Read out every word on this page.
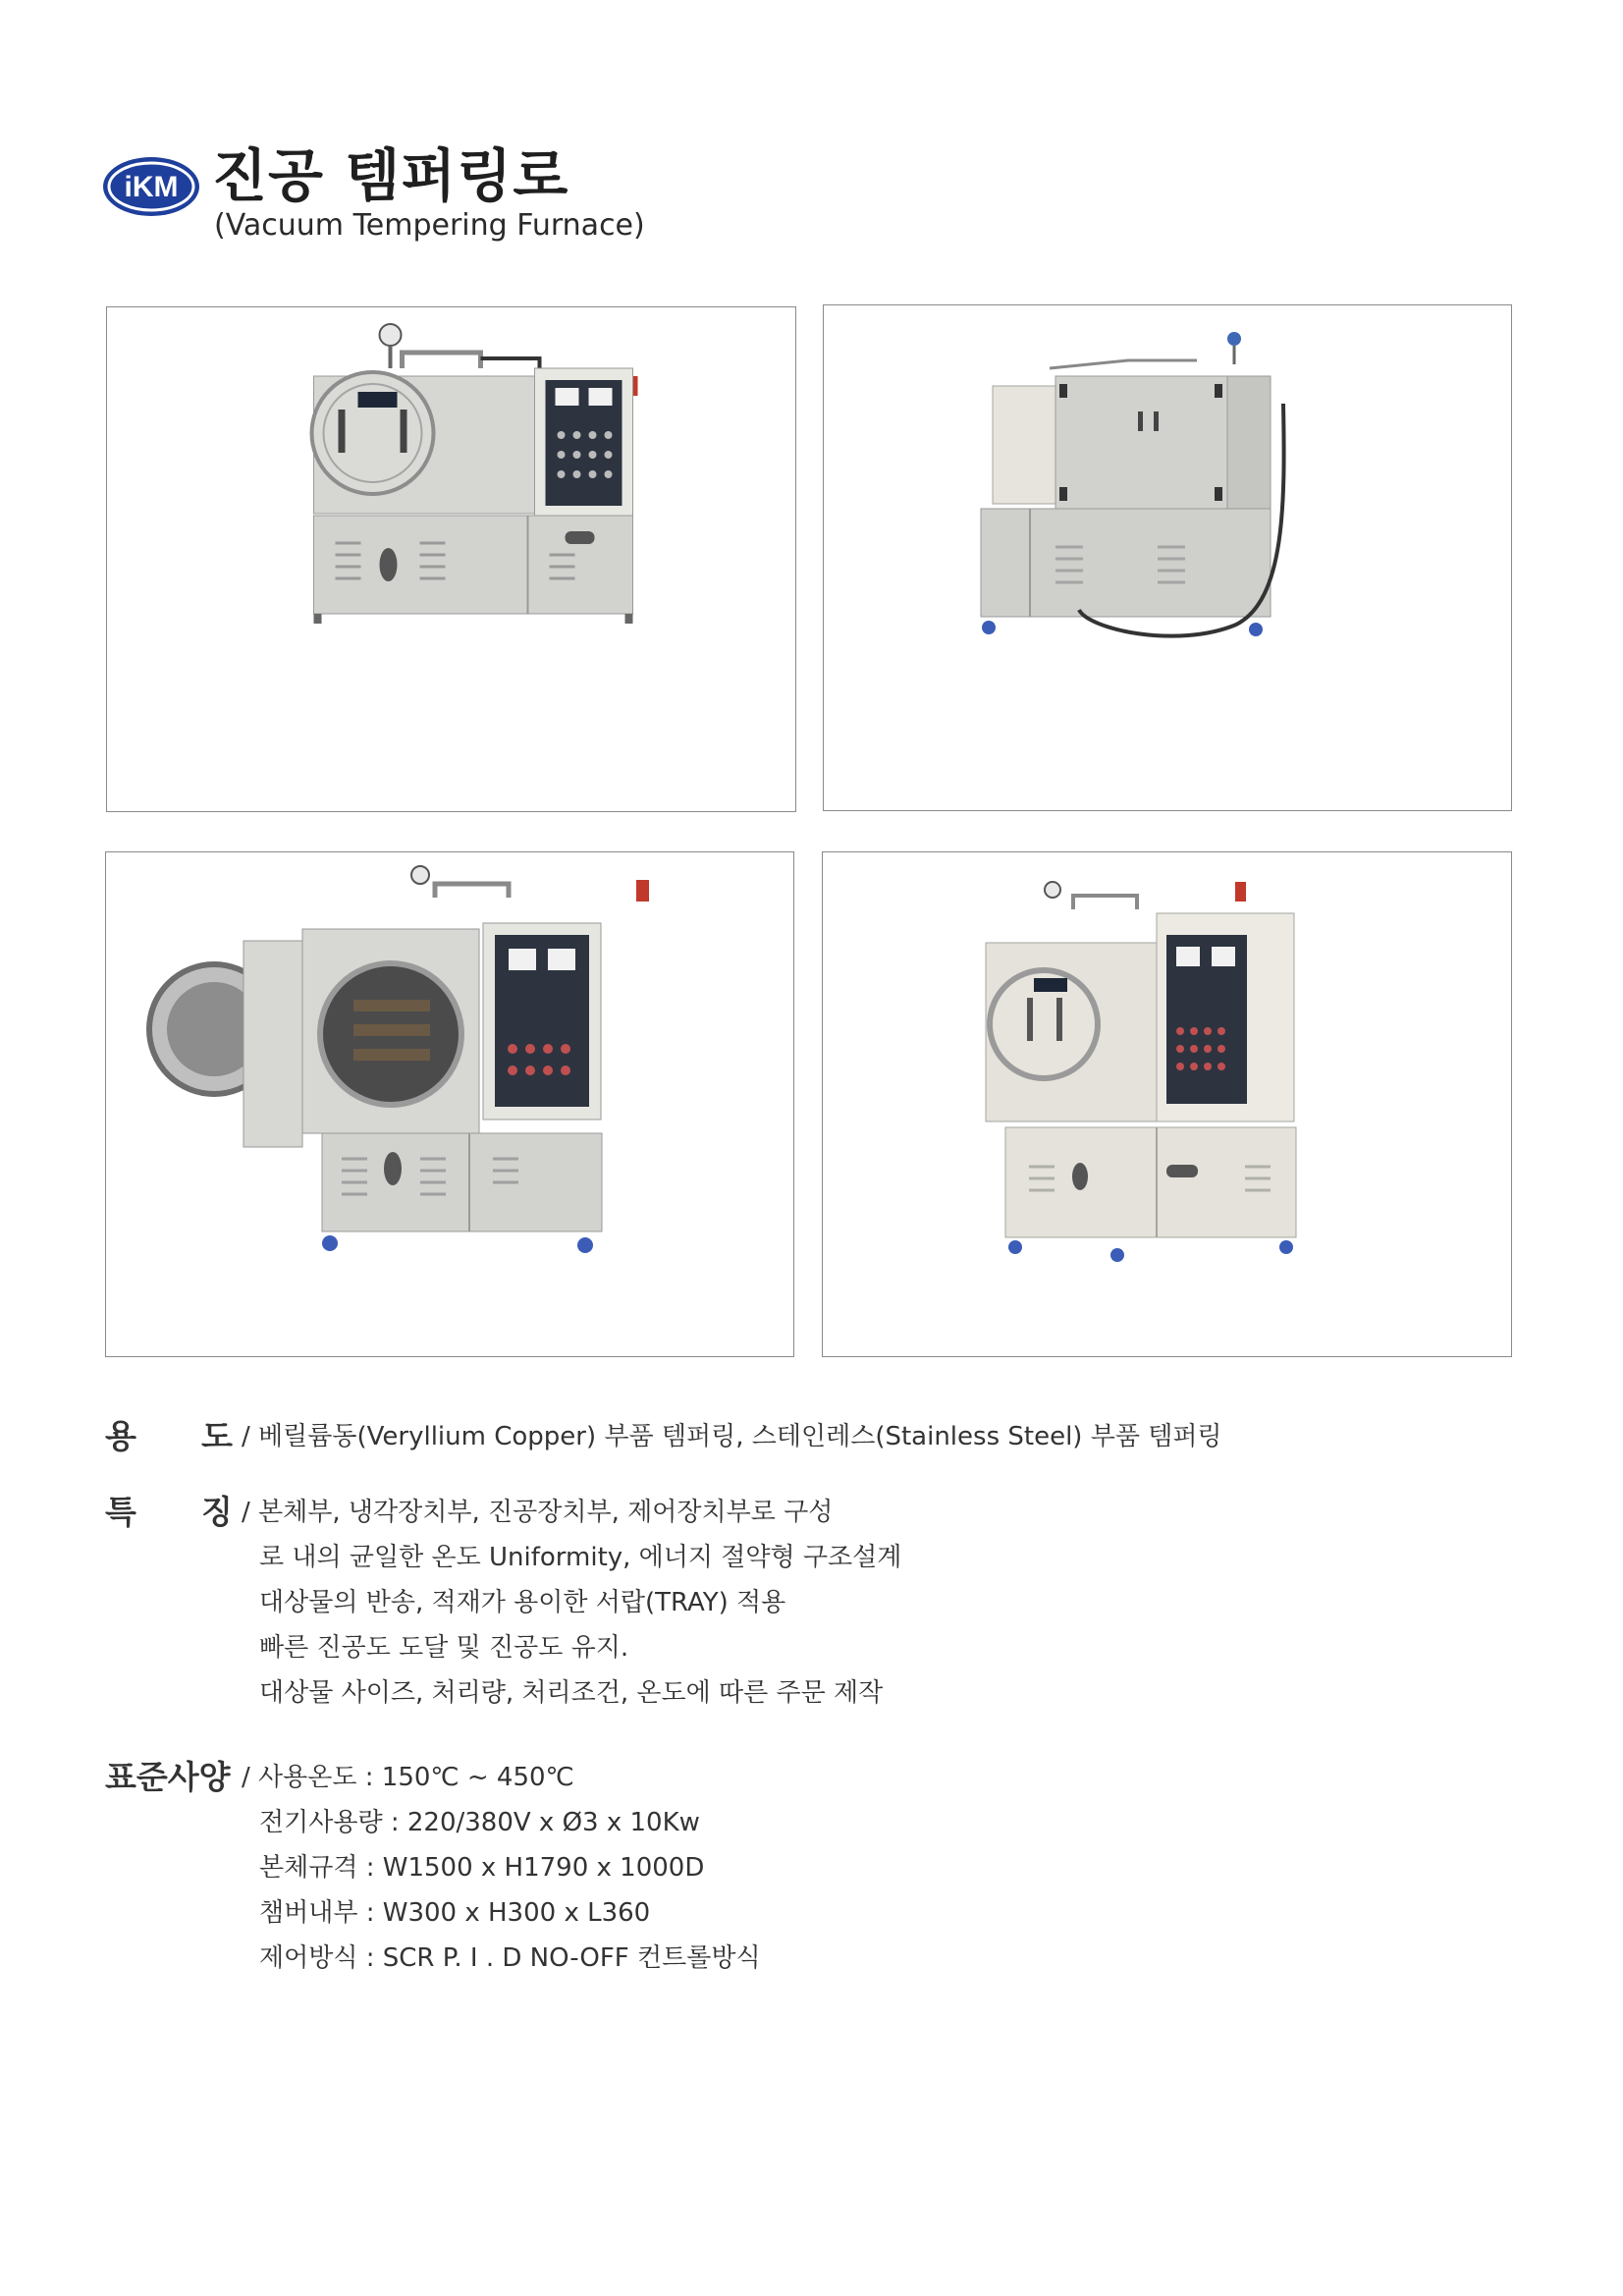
iKM 진공 템퍼링로
(Vacuum Tempering Furnace)
용 도 / 베릴륨동(Veryllium Copper) 부품 템퍼링, 스테인레스(Stainless Steel) 부품 템퍼링
특 징 / 본체부, 냉각장치부, 진공장치부, 제어장치부로 구성
로 내의 균일한 온도 Uniformity, 에너지 절약형 구조설계
대상물의 반송, 적재가 용이한 서랍(TRAY) 적용
빠른 진공도 도달 및 진공도 유지.
대상물 사이즈, 처리량, 처리조건, 온도에 따른 주문 제작
표준사양 / 사용온도 : 150℃ ~ 450℃
전기사용량 : 220/380V x Ø3 x 10Kw
본체규격 : W1500 x H1790 x 1000D
챔버내부 : W300 x H300 x L360
제어방식 : SCR P. I . D NO-OFF 컨트롤방식
